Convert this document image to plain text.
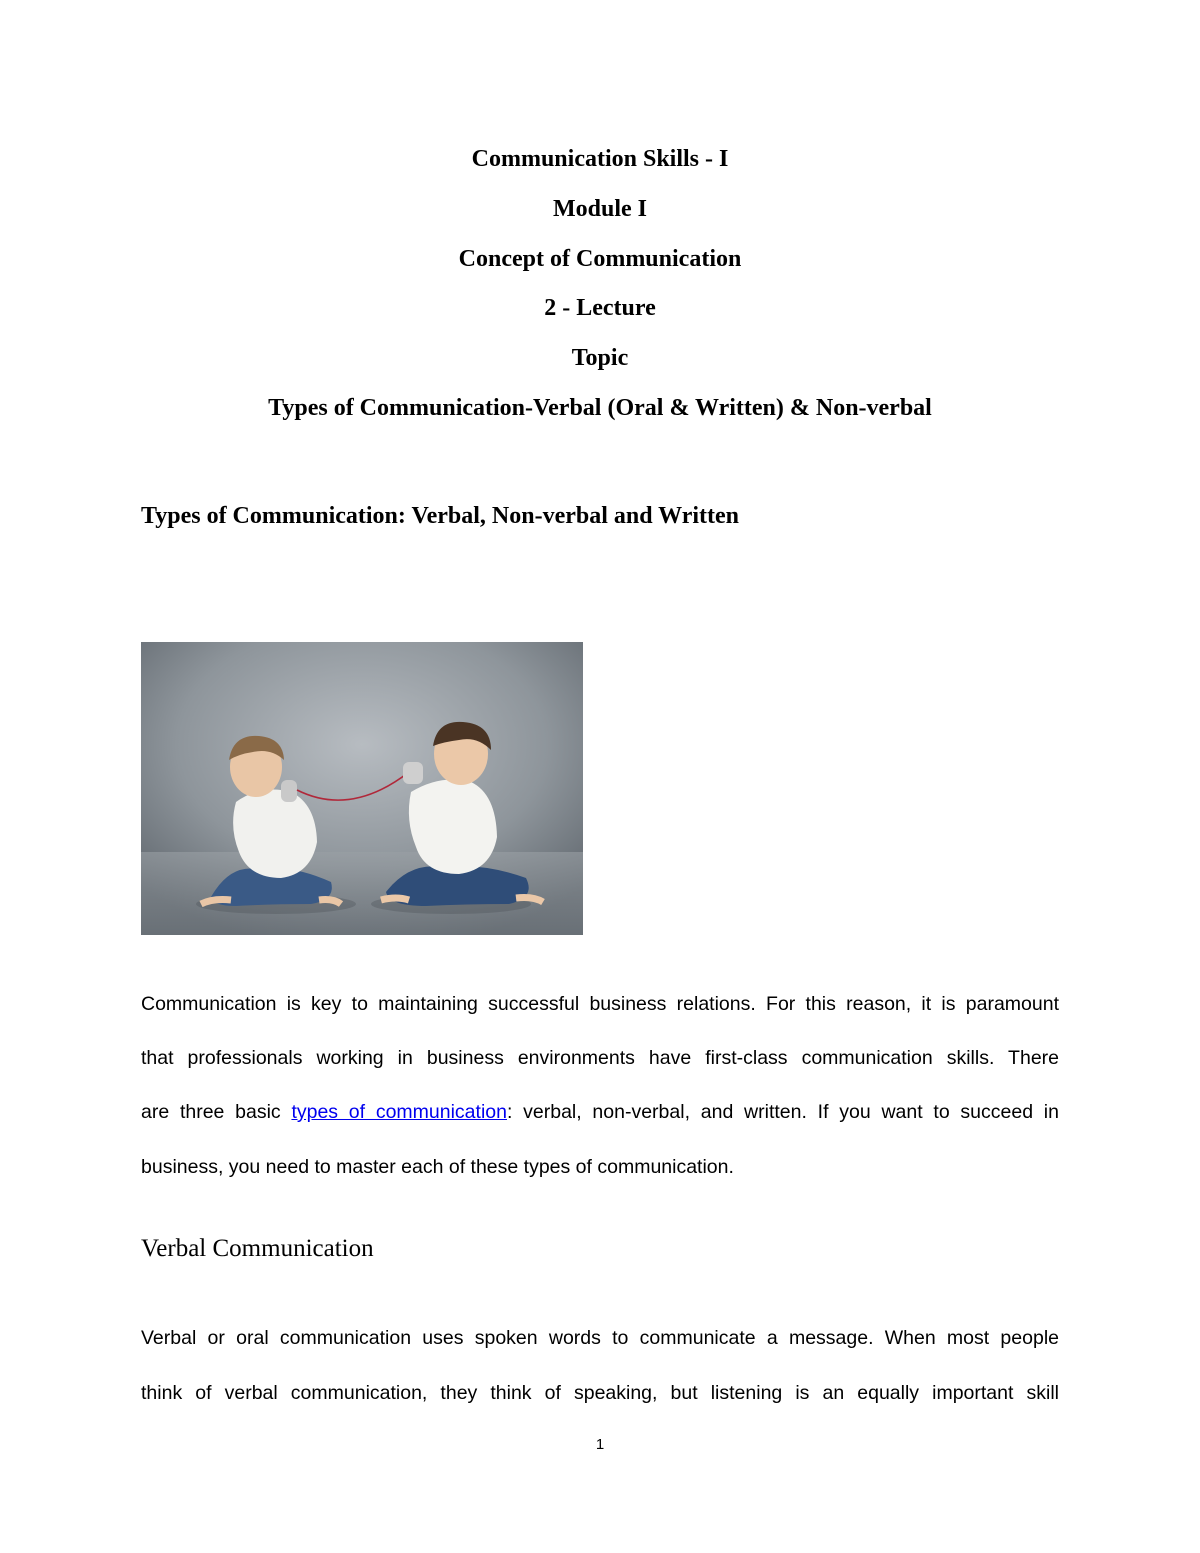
Communication Skills - I
Module I
Concept of Communication
2 - Lecture
Topic
Types of Communication-Verbal (Oral & Written) & Non-verbal
Types of Communication: Verbal, Non-verbal and Written
Communication is key to maintaining successful business relations. For this reason, it is paramount
that professionals working in business environments have first-class communication skills. There
are three basic types of communication: verbal, non-verbal, and written. If you want to succeed in
business, you need to master each of these types of communication.
Verbal Communication
Verbal or oral communication uses spoken words to communicate a message. When most people
think of verbal communication, they think of speaking, but listening is an equally important skill
1
